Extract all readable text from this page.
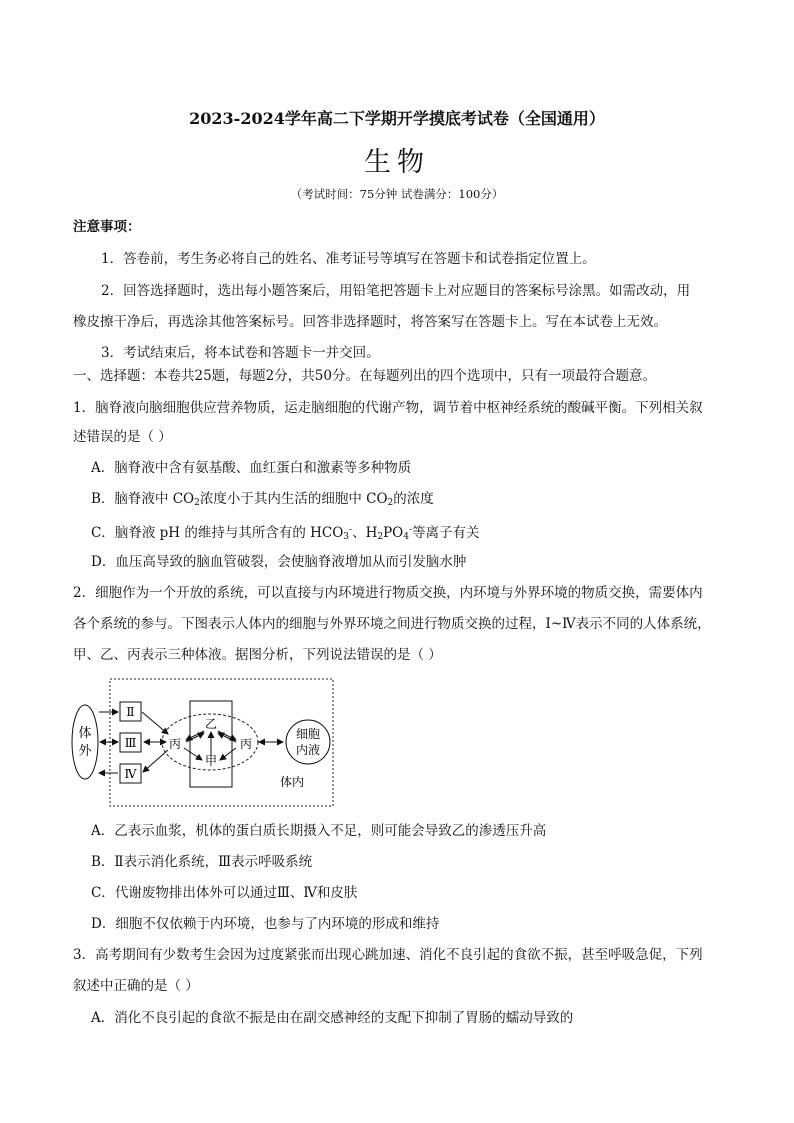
2023-2024学年高二下学期开学摸底考试卷（全国通用）
生物
（考试时间：75分钟 试卷满分：100分）
注意事项：
1．答卷前，考生务必将自己的姓名、准考证号等填写在答题卡和试卷指定位置上。
2．回答选择题时，选出每小题答案后，用铅笔把答题卡上对应题目的答案标号涂黑。如需改动，用
橡皮擦干净后，再选涂其他答案标号。回答非选择题时，将答案写在答题卡上。写在本试卷上无效。
3．考试结束后，将本试卷和答题卡一并交回。
一、选择题：本卷共25题，每题2分，共50分。在每题列出的四个选项中，只有一项最符合题意。
1．脑脊液向脑细胞供应营养物质，运走脑细胞的代谢产物，调节着中枢神经系统的酸碱平衡。下列相关叙
述错误的是（ ）
A．脑脊液中含有氨基酸、血红蛋白和激素等多种物质
B．脑脊液中 $CO_2$浓度小于其内生活的细胞中 $CO_2$的浓度
C．脑脊液 pH 的维持与其所含有的 $HCO_3^-$、$H_2PO_4^-$等离子有关
D．血压高导致的脑血管破裂，会使脑脊液增加从而引发脑水肿
2．细胞作为一个开放的系统，可以直接与内环境进行物质交换，内环境与外界环境的物质交换，需要体内
各个系统的参与。下图表示人体内的细胞与外界环境之间进行物质交换的过程，Ⅰ~Ⅳ表示不同的人体系统，
甲、乙、丙表示三种体液。据图分析，下列说法错误的是（ ）
体
外
Ⅱ
Ⅲ
Ⅳ
丙
乙
甲
丙
细胞
内液
体内
A．乙表示血浆，机体的蛋白质长期摄入不足，则可能会导致乙的渗透压升高
B．Ⅱ表示消化系统，Ⅲ表示呼吸系统
C．代谢废物排出体外可以通过Ⅲ、Ⅳ和皮肤
D．细胞不仅依赖于内环境，也参与了内环境的形成和维持
3．高考期间有少数考生会因为过度紧张而出现心跳加速、消化不良引起的食欲不振，甚至呼吸急促，下列
叙述中正确的是（ ）
A．消化不良引起的食欲不振是由在副交感神经的支配下抑制了胃肠的蠕动导致的
